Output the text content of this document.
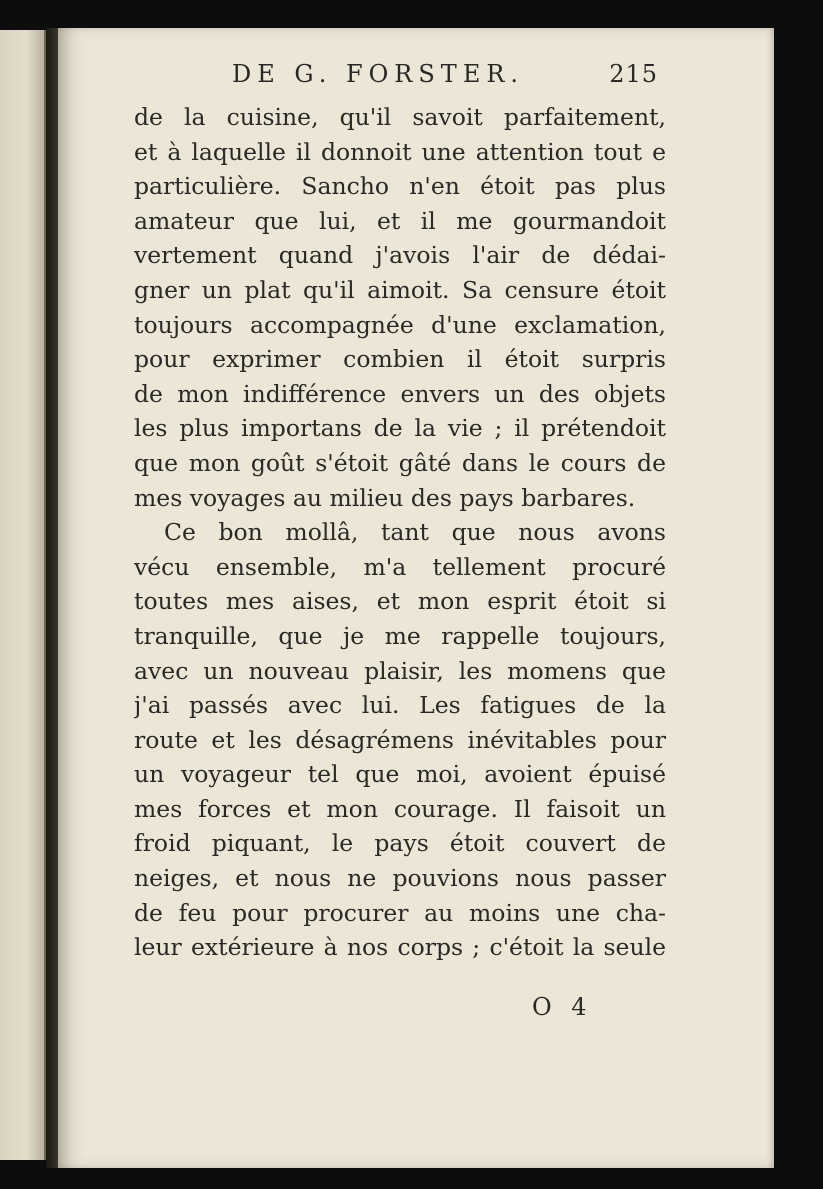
DE G. FORSTER.	215
de la cuisine, qu'il savoit parfaitement,
et à laquelle il donnoit une attention tout e
particulière. Sancho n'en étoit pas plus
amateur que lui, et il me gourmandoit
vertement quand j'avois l'air de dédai-
gner un plat qu'il aimoit. Sa censure étoit
toujours accompagnée d'une exclamation,
pour exprimer combien il étoit surpris
de mon indifférence envers un des objets
les plus importans de la vie ; il prétendoit
que mon goût s'étoit gâté dans le cours de
mes voyages au milieu des pays barbares.
Ce bon mollâ, tant que nous avons
vécu ensemble, m'a tellement procuré
toutes mes aises, et mon esprit étoit si
tranquille, que je me rappelle toujours,
avec un nouveau plaisir, les momens que
j'ai passés avec lui. Les fatigues de la
route et les désagrémens inévitables pour
un voyageur tel que moi, avoient épuisé
mes forces et mon courage. Il faisoit un
froid piquant, le pays étoit couvert de
neiges, et nous ne pouvions nous passer
de feu pour procurer au moins une cha-
leur extérieure à nos corps ; c'étoit la seule
O 4
